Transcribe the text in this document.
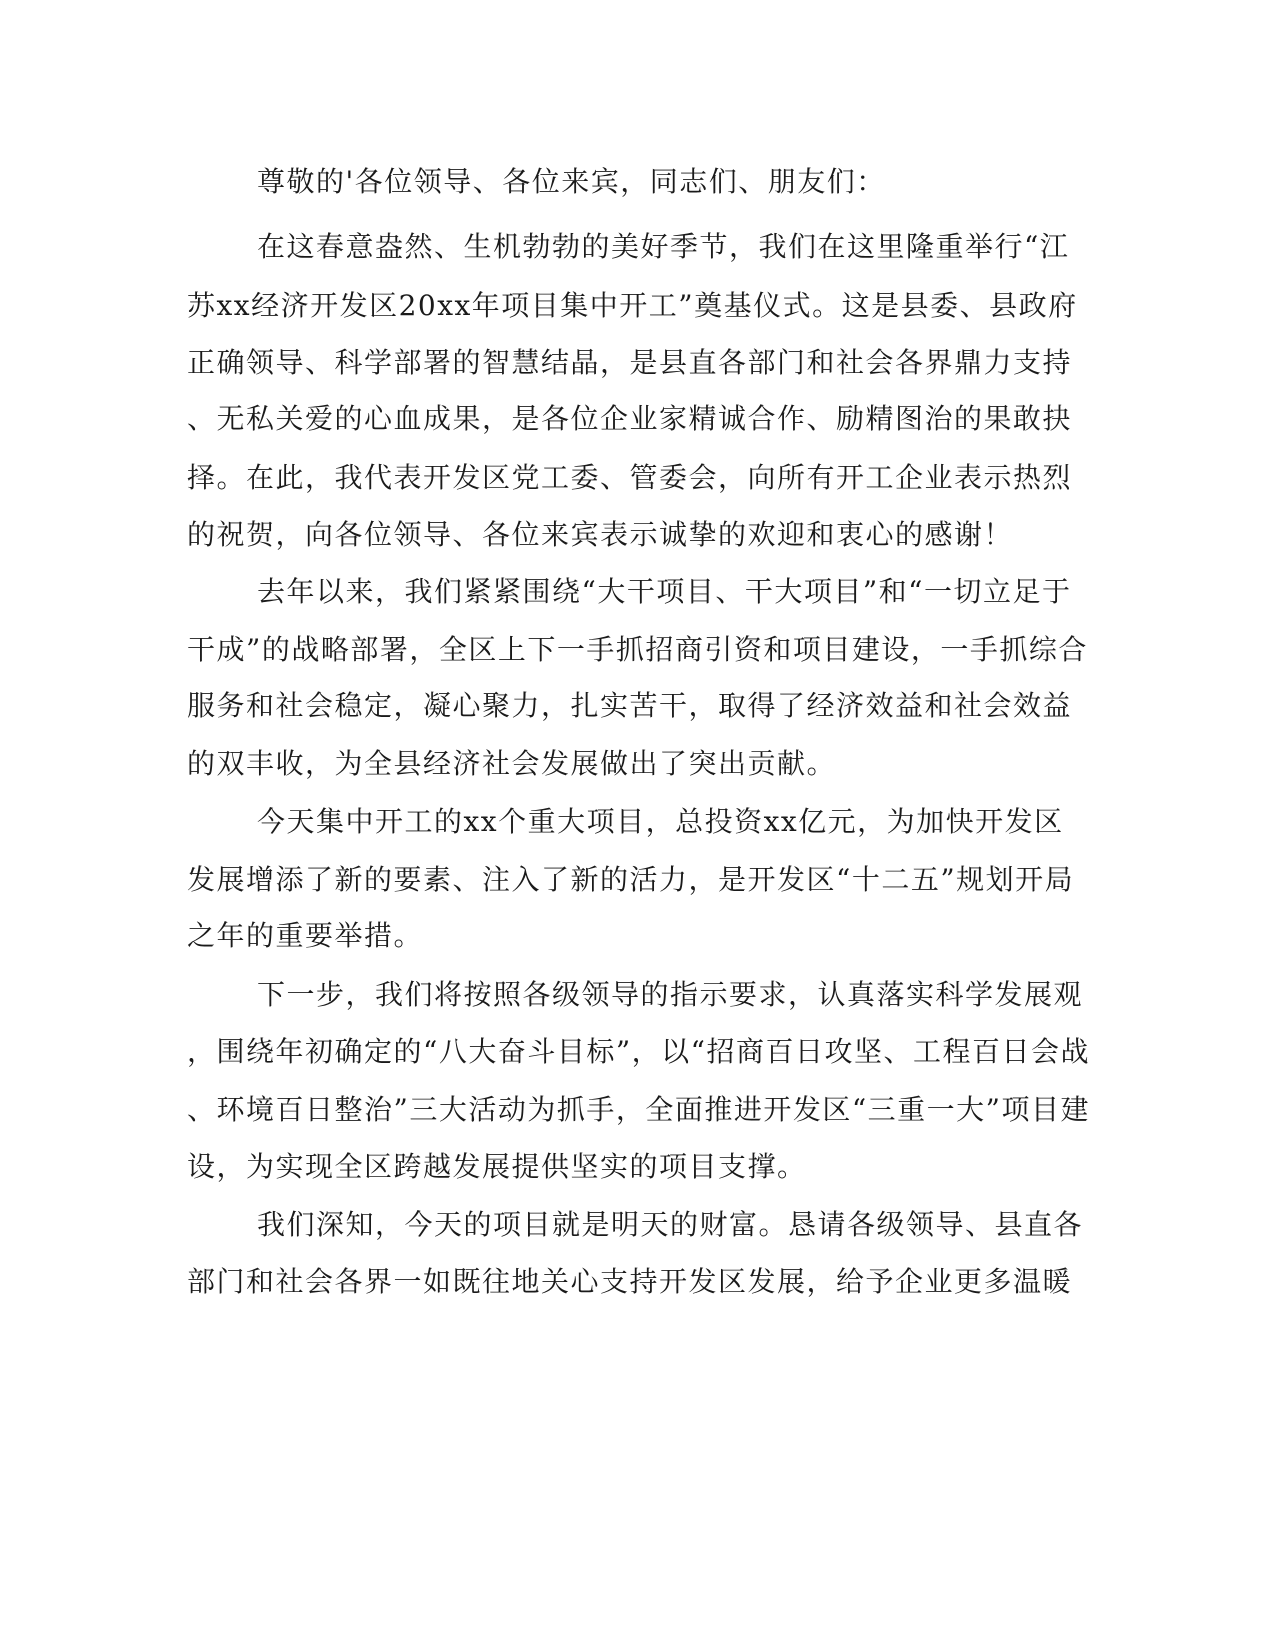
尊敬的'各位领导、各位来宾，同志们、朋友们：
在这春意盎然、生机勃勃的美好季节，我们在这里隆重举行“江
苏xx经济开发区20xx年项目集中开工”奠基仪式。这是县委、县政府
正确领导、科学部署的智慧结晶，是县直各部门和社会各界鼎力支持
、无私关爱的心血成果，是各位企业家精诚合作、励精图治的果敢抉
择。在此，我代表开发区党工委、管委会，向所有开工企业表示热烈
的祝贺，向各位领导、各位来宾表示诚挚的欢迎和衷心的感谢！
去年以来，我们紧紧围绕“大干项目、干大项目”和“一切立足于
干成”的战略部署，全区上下一手抓招商引资和项目建设，一手抓综合
服务和社会稳定，凝心聚力，扎实苦干，取得了经济效益和社会效益
的双丰收，为全县经济社会发展做出了突出贡献。
今天集中开工的xx个重大项目，总投资xx亿元，为加快开发区
发展增添了新的要素、注入了新的活力，是开发区“十二五”规划开局
之年的重要举措。
下一步，我们将按照各级领导的指示要求，认真落实科学发展观
，围绕年初确定的“八大奋斗目标”，以“招商百日攻坚、工程百日会战
、环境百日整治”三大活动为抓手，全面推进开发区“三重一大”项目建
设，为实现全区跨越发展提供坚实的项目支撑。
我们深知，今天的项目就是明天的财富。恳请各级领导、县直各
部门和社会各界一如既往地关心支持开发区发展，给予企业更多温暖
